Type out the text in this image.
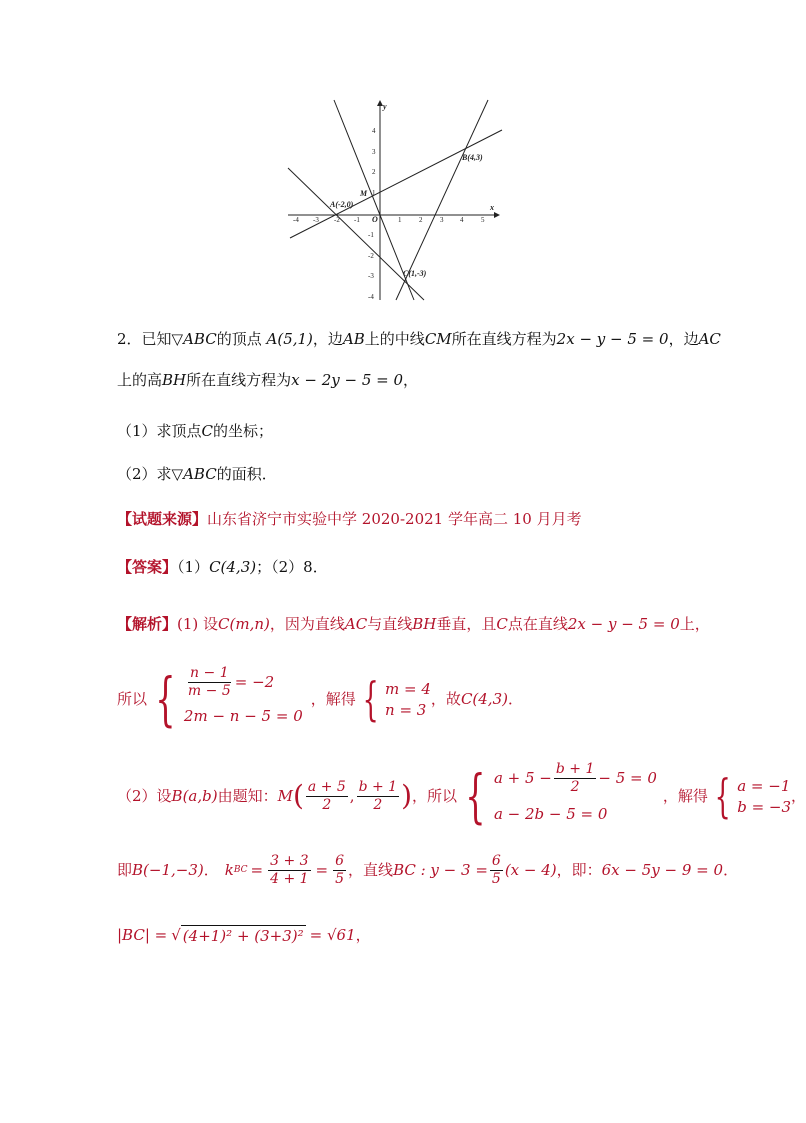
-4 -3 -2 -1	1	2	3 4	5
4
3
2
1
-1
-2
-3
-4
x
y
O
M
A(-2,0)
B(4,3)
C(1,-3)
2．已知▽ABC的顶点 A(5,1)，边AB上的中线CM所在直线方程为2x − y − 5 = 0，边AC
上的高BH所在直线方程为x − 2y − 5 = 0，
（1）求顶点C的坐标；
（2）求▽ABC的面积．
【试题来源】山东省济宁市实验中学 2020-2021 学年高二 10 月月考
【答案】（1）C(4,3)；（2）8．
【解析】(1) 设C(m,n)，因为直线AC与直线BH垂直，且C点在直线2x − y − 5 = 0上，
所以 { $\frac{n - 1}{m - 5} = -2$
2m − n − 5 = 0
，解得 { m = 4
n = 3
，故 C(4,3) ．
（2）设 B(a,b) 由题知： M ( $\frac{a + 5}{2}$ , $\frac{b + 1}{2}$ ) ，所以 { $a + 5 - \frac{b + 1}{2} - 5 = 0$
a − 2b − 5 = 0
，解得 { a = −1
b = −3
，
即 B(−1,−3) ． k BC = $\frac{3 + 3}{4 + 1} = \frac{6}{5}$ ，直线 BC : $y - 3 = \frac{6}{5} (x - 4)$ ，即： 6x − 5y − 9 = 0 ．
|BC| = √ (4+1)² + (3+3)² = √61 ，
